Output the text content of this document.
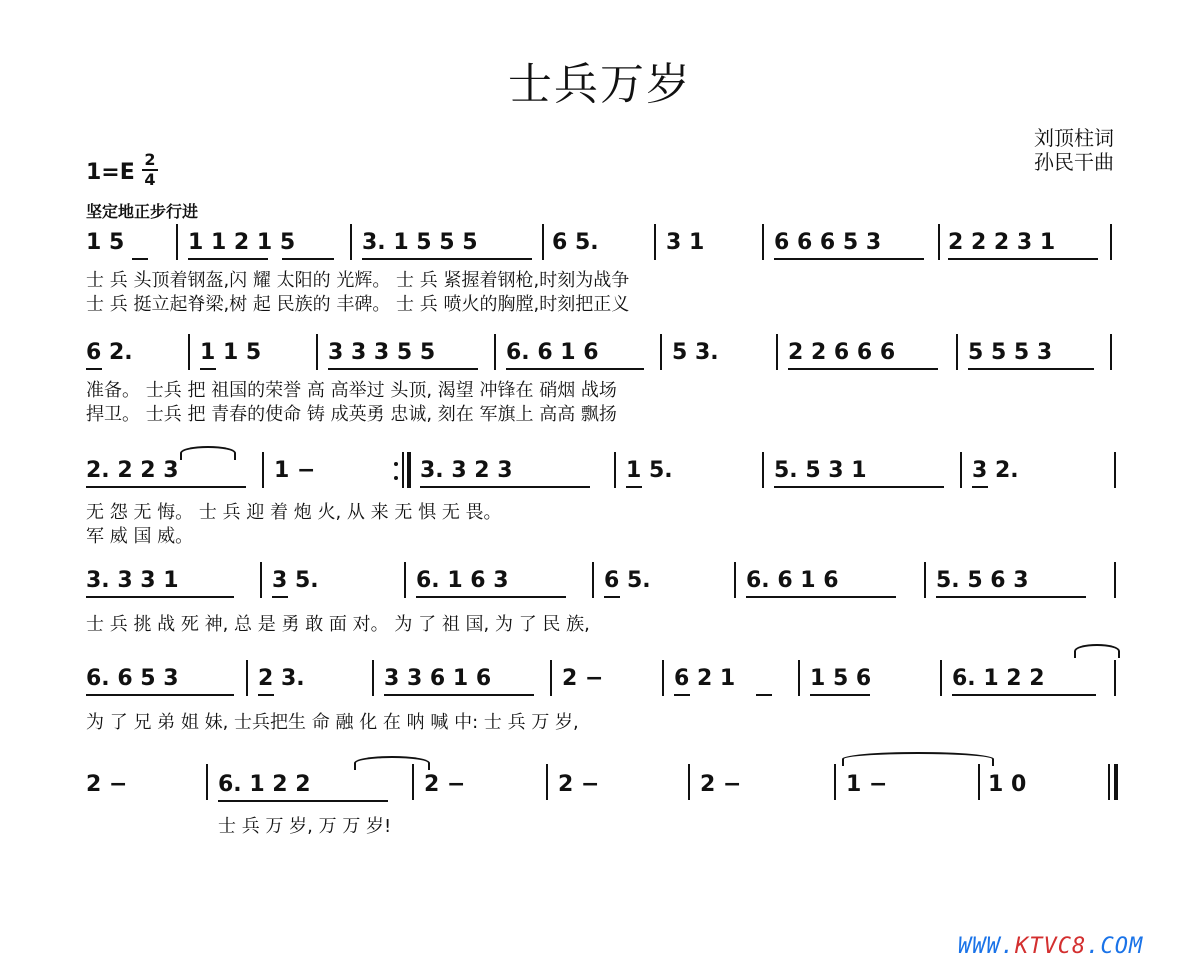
士兵万岁
刘顶柱词
孙民干曲
$1=E \frac{2}{4}$
坚定地正步行进
1 5	1 1 2 1 5	3. 1 5 5 5	6 5.	3 1	6 6 6 5 3	2 2 2 3 1
士 兵 头顶着钢盔,闪 耀 太阳的 光辉。 士 兵 紧握着钢枪,时刻为战争
士 兵 挺立起脊梁,树 起 民族的 丰碑。 士 兵 喷火的胸膛,时刻把正义
6 2.	1 1 5	3 3 3 5 5	6. 6 1 6	5 3.	2 2 6 6 6	5 5 5 3
准备。 士兵 把 祖国的荣誉 高 高举过 头顶, 渴望 冲锋在 硝烟 战场
捍卫。 士兵 把 青春的使命 铸 成英勇 忠诚, 刻在 军旗上 高高 飘扬
2. 2 2 3	1 −	3. 3 2 3	1 5.	5. 5 3 1	3 2.
无 怨 无 悔。 士 兵 迎 着 炮 火, 从 来 无 惧 无 畏。
军 威 国 威。
3. 3 3 1	3 5.	6. 1 6 3	6 5.	6. 6 1 6	5. 5 6 3
士 兵 挑 战 死 神, 总 是 勇 敢 面 对。 为 了 祖 国, 为 了 民 族,
6. 6 5 3	2 3.	3 3 6 1 6	2 −	6 2 1	1 5 6	6. 1 2 2
为 了 兄 弟 姐 妹, 士兵把生 命 融 化 在 呐 喊 中: 士 兵 万 岁,
2 −	6. 1 2 2	2 −	2 −	2 −	1 −	1 0
士 兵 万 岁, 万 万 岁!
WWW.KTVC8.COM
